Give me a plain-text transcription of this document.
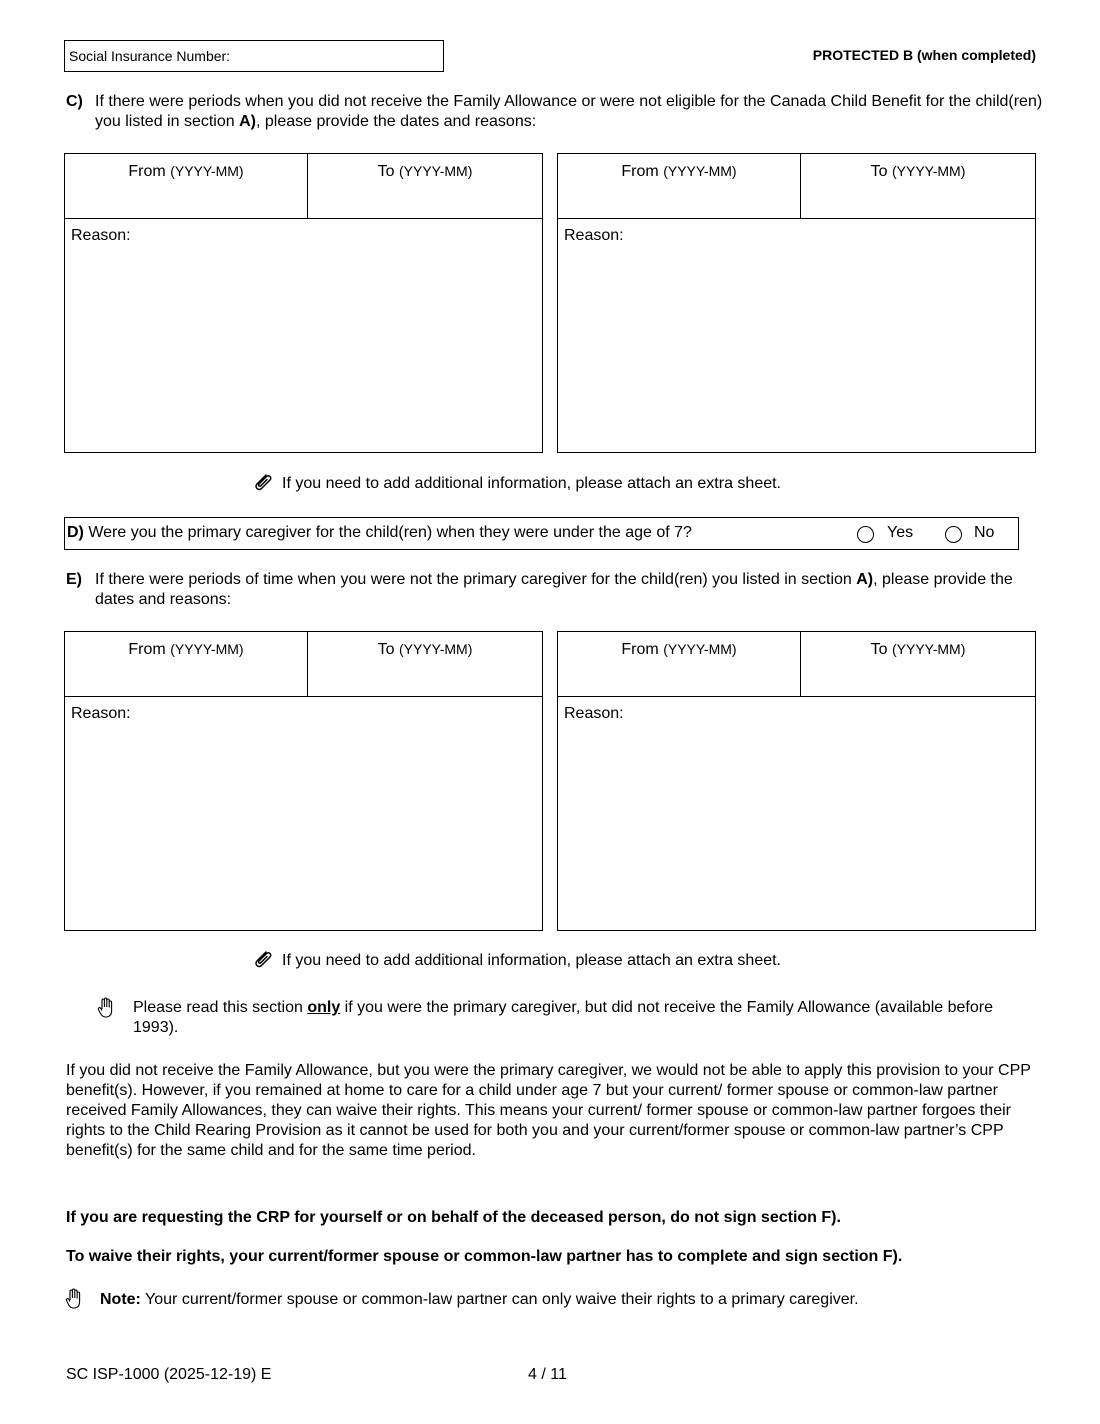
Social Insurance Number:	PROTECTED B (when completed)
C) If there were periods when you did not receive the Family Allowance or were not eligible for the Canada Child Benefit for the child(ren) you listed in section A), please provide the dates and reasons:
From (YYYY-MM)	To (YYYY-MM)
Reason:
From (YYYY-MM)	To (YYYY-MM)
Reason:
If you need to add additional information, please attach an extra sheet.
D) Were you the primary caregiver for the child(ren) when they were under the age of 7?	Yes	No
E) If there were periods of time when you were not the primary caregiver for the child(ren) you listed in section A), please provide the dates and reasons:
From (YYYY-MM)	To (YYYY-MM)
Reason:
From (YYYY-MM)	To (YYYY-MM)
Reason:
If you need to add additional information, please attach an extra sheet.
Please read this section only if you were the primary caregiver, but did not receive the Family Allowance (available before 1993).
If you did not receive the Family Allowance, but you were the primary caregiver, we would not be able to apply this provision to your CPP benefit(s). However, if you remained at home to care for a child under age 7 but your current/ former spouse or common-law partner received Family Allowances, they can waive their rights. This means your current/ former spouse or common-law partner forgoes their rights to the Child Rearing Provision as it cannot be used for both you and your current/former spouse or common-law partner’s CPP benefit(s) for the same child and for the same time period.
If you are requesting the CRP for yourself or on behalf of the deceased person, do not sign section F).
To waive their rights, your current/former spouse or common-law partner has to complete and sign section F).
Note: Your current/former spouse or common-law partner can only waive their rights to a primary caregiver.
SC ISP-1000 (2025-12-19) E	4 / 11
